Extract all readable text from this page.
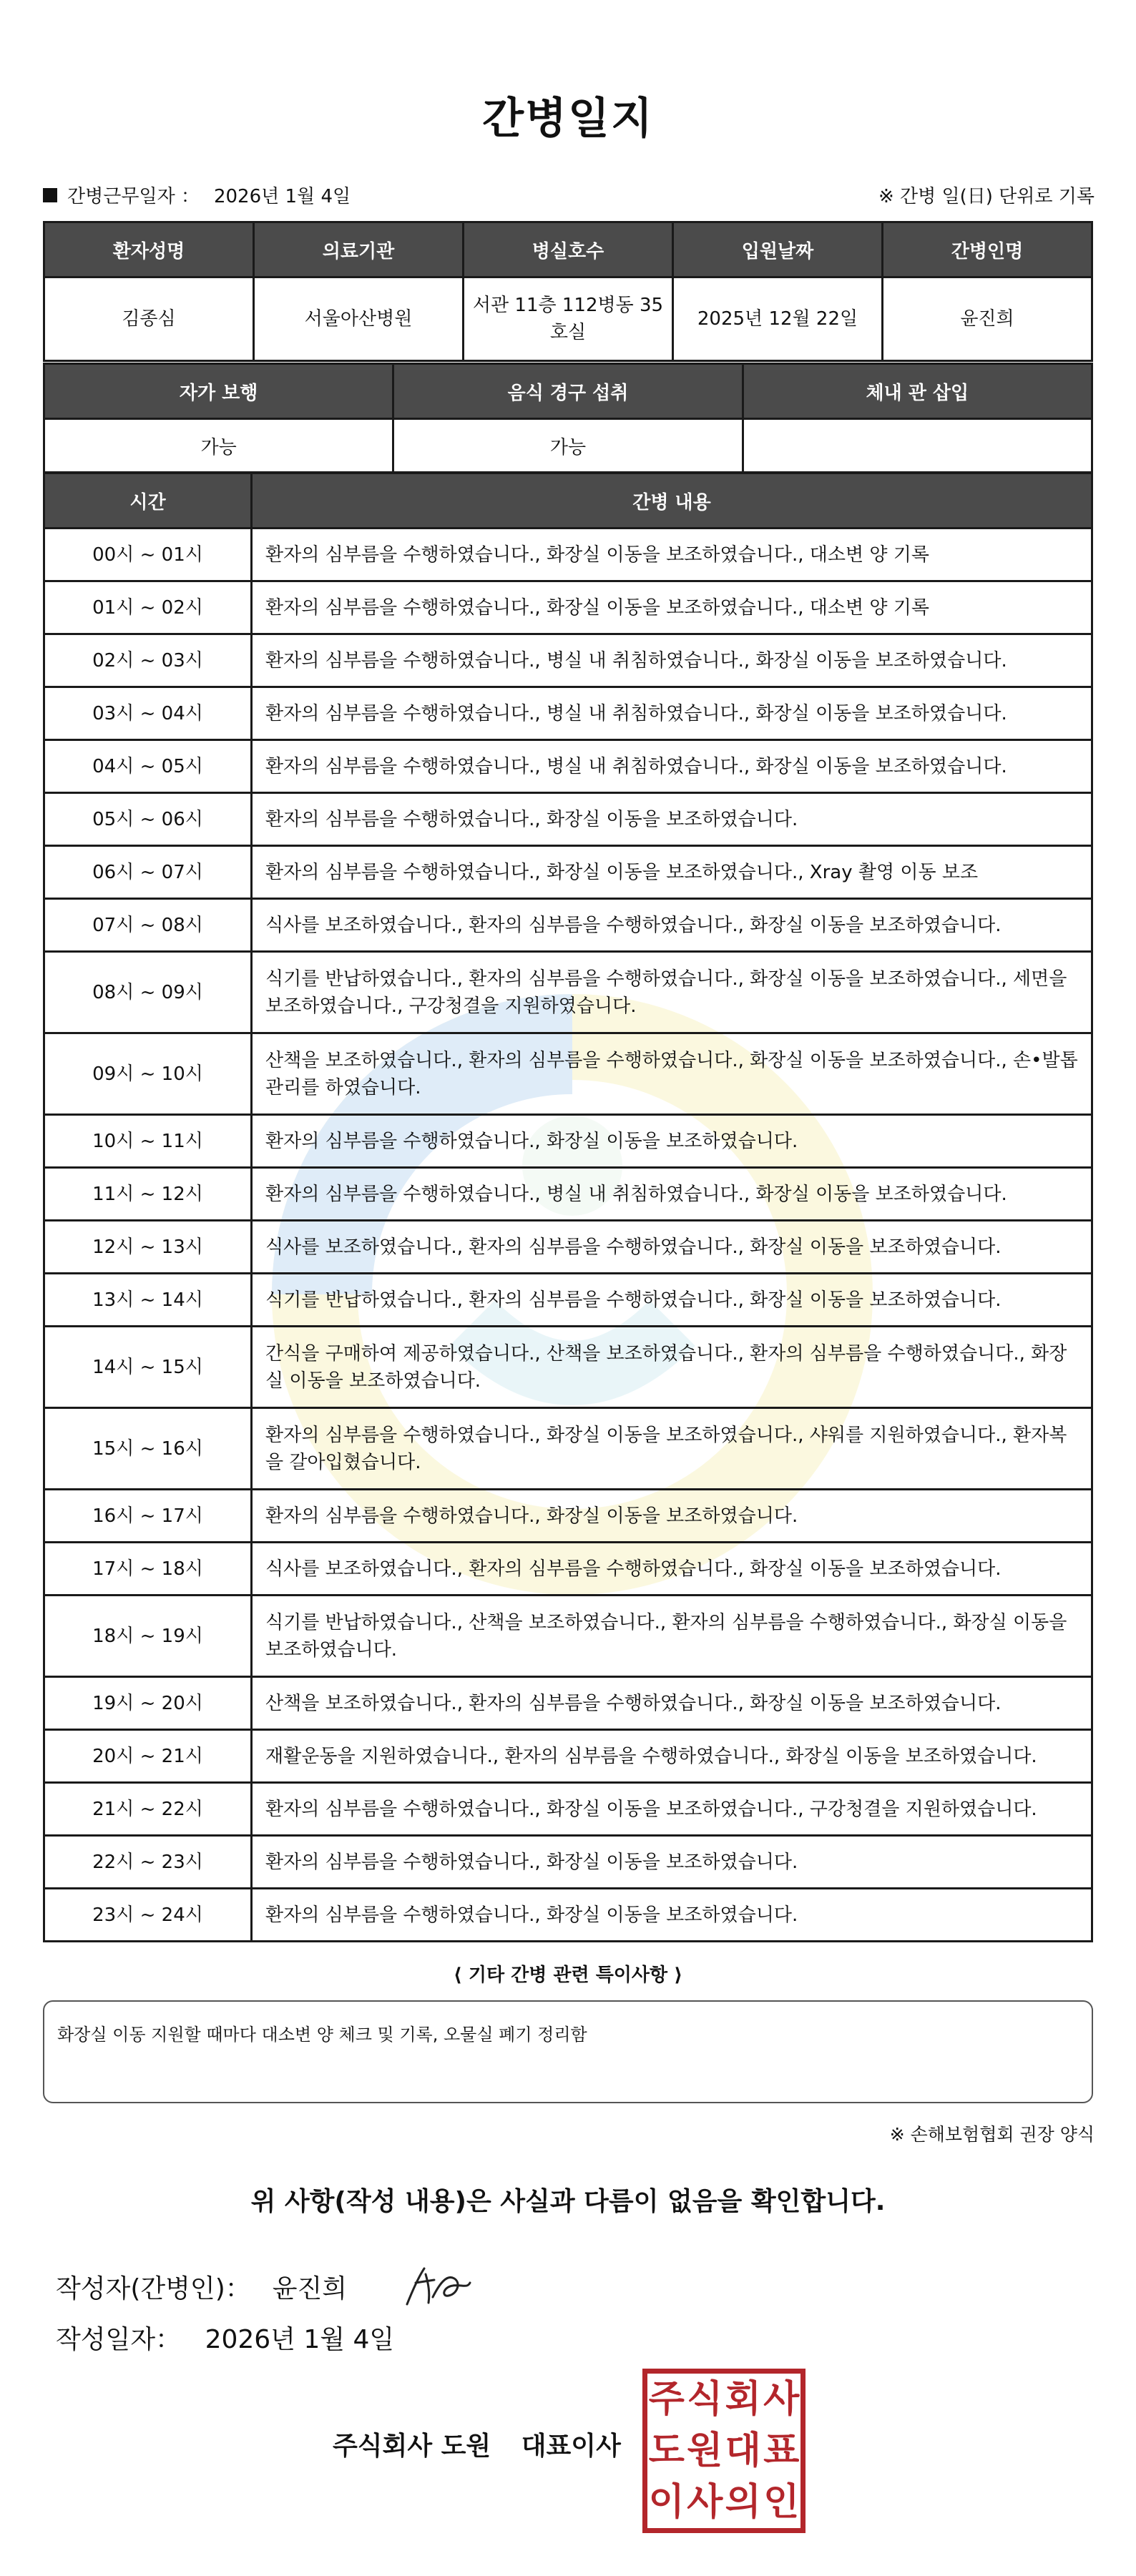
간병일지
간병근무일자 ： 2026년 1월 4일	※ 간병 일(日) 단위로 기록
환자성명	의료기관	병실호수	입원날짜	간병인명
김종심	서울아산병원	서관 11층 112병동 35호실	2025년 12월 22일	윤진희
자가 보행	음식 경구 섭취	체내 관 삽입
가능	가능	
시간	간병 내용
00시 ~ 01시	환자의 심부름을 수행하였습니다., 화장실 이동을 보조하였습니다., 대소변 양 기록
01시 ~ 02시	환자의 심부름을 수행하였습니다., 화장실 이동을 보조하였습니다., 대소변 양 기록
02시 ~ 03시	환자의 심부름을 수행하였습니다., 병실 내 취침하였습니다., 화장실 이동을 보조하였습니다.
03시 ~ 04시	환자의 심부름을 수행하였습니다., 병실 내 취침하였습니다., 화장실 이동을 보조하였습니다.
04시 ~ 05시	환자의 심부름을 수행하였습니다., 병실 내 취침하였습니다., 화장실 이동을 보조하였습니다.
05시 ~ 06시	환자의 심부름을 수행하였습니다., 화장실 이동을 보조하였습니다.
06시 ~ 07시	환자의 심부름을 수행하였습니다., 화장실 이동을 보조하였습니다., Xray 촬영 이동 보조
07시 ~ 08시	식사를 보조하였습니다., 환자의 심부름을 수행하였습니다., 화장실 이동을 보조하였습니다.
08시 ~ 09시	식기를 반납하였습니다., 환자의 심부름을 수행하였습니다., 화장실 이동을 보조하였습니다., 세면을 보조하였습니다., 구강청결을 지원하였습니다.
09시 ~ 10시	산책을 보조하였습니다., 환자의 심부름을 수행하였습니다., 화장실 이동을 보조하였습니다., 손•발톱 관리를 하였습니다.
10시 ~ 11시	환자의 심부름을 수행하였습니다., 화장실 이동을 보조하였습니다.
11시 ~ 12시	환자의 심부름을 수행하였습니다., 병실 내 취침하였습니다., 화장실 이동을 보조하였습니다.
12시 ~ 13시	식사를 보조하였습니다., 환자의 심부름을 수행하였습니다., 화장실 이동을 보조하였습니다.
13시 ~ 14시	식기를 반납하였습니다., 환자의 심부름을 수행하였습니다., 화장실 이동을 보조하였습니다.
14시 ~ 15시	간식을 구매하여 제공하였습니다., 산책을 보조하였습니다., 환자의 심부름을 수행하였습니다., 화장실 이동을 보조하였습니다.
15시 ~ 16시	환자의 심부름을 수행하였습니다., 화장실 이동을 보조하였습니다., 샤워를 지원하였습니다., 환자복을 갈아입혔습니다.
16시 ~ 17시	환자의 심부름을 수행하였습니다., 화장실 이동을 보조하였습니다.
17시 ~ 18시	식사를 보조하였습니다., 환자의 심부름을 수행하였습니다., 화장실 이동을 보조하였습니다.
18시 ~ 19시	식기를 반납하였습니다., 산책을 보조하였습니다., 환자의 심부름을 수행하였습니다., 화장실 이동을 보조하였습니다.
19시 ~ 20시	산책을 보조하였습니다., 환자의 심부름을 수행하였습니다., 화장실 이동을 보조하였습니다.
20시 ~ 21시	재활운동을 지원하였습니다., 환자의 심부름을 수행하였습니다., 화장실 이동을 보조하였습니다.
21시 ~ 22시	환자의 심부름을 수행하였습니다., 화장실 이동을 보조하였습니다., 구강청결을 지원하였습니다.
22시 ~ 23시	환자의 심부름을 수행하였습니다., 화장실 이동을 보조하였습니다.
23시 ~ 24시	환자의 심부름을 수행하였습니다., 화장실 이동을 보조하였습니다.
⟨ 기타 간병 관련 특이사항 ⟩
화장실 이동 지원할 때마다 대소변 양 체크 및 기록, 오물실 폐기 정리함
※ 손해보험협회 권장 양식
위 사항(작성 내용)은 사실과 다름이 없음을 확인합니다.
작성자(간병인)： 윤진희
작성일자： 2026년 1월 4일
주식회사 도원 대표이사
주 식 회 사
도 원 대 표
이 사 의 인
